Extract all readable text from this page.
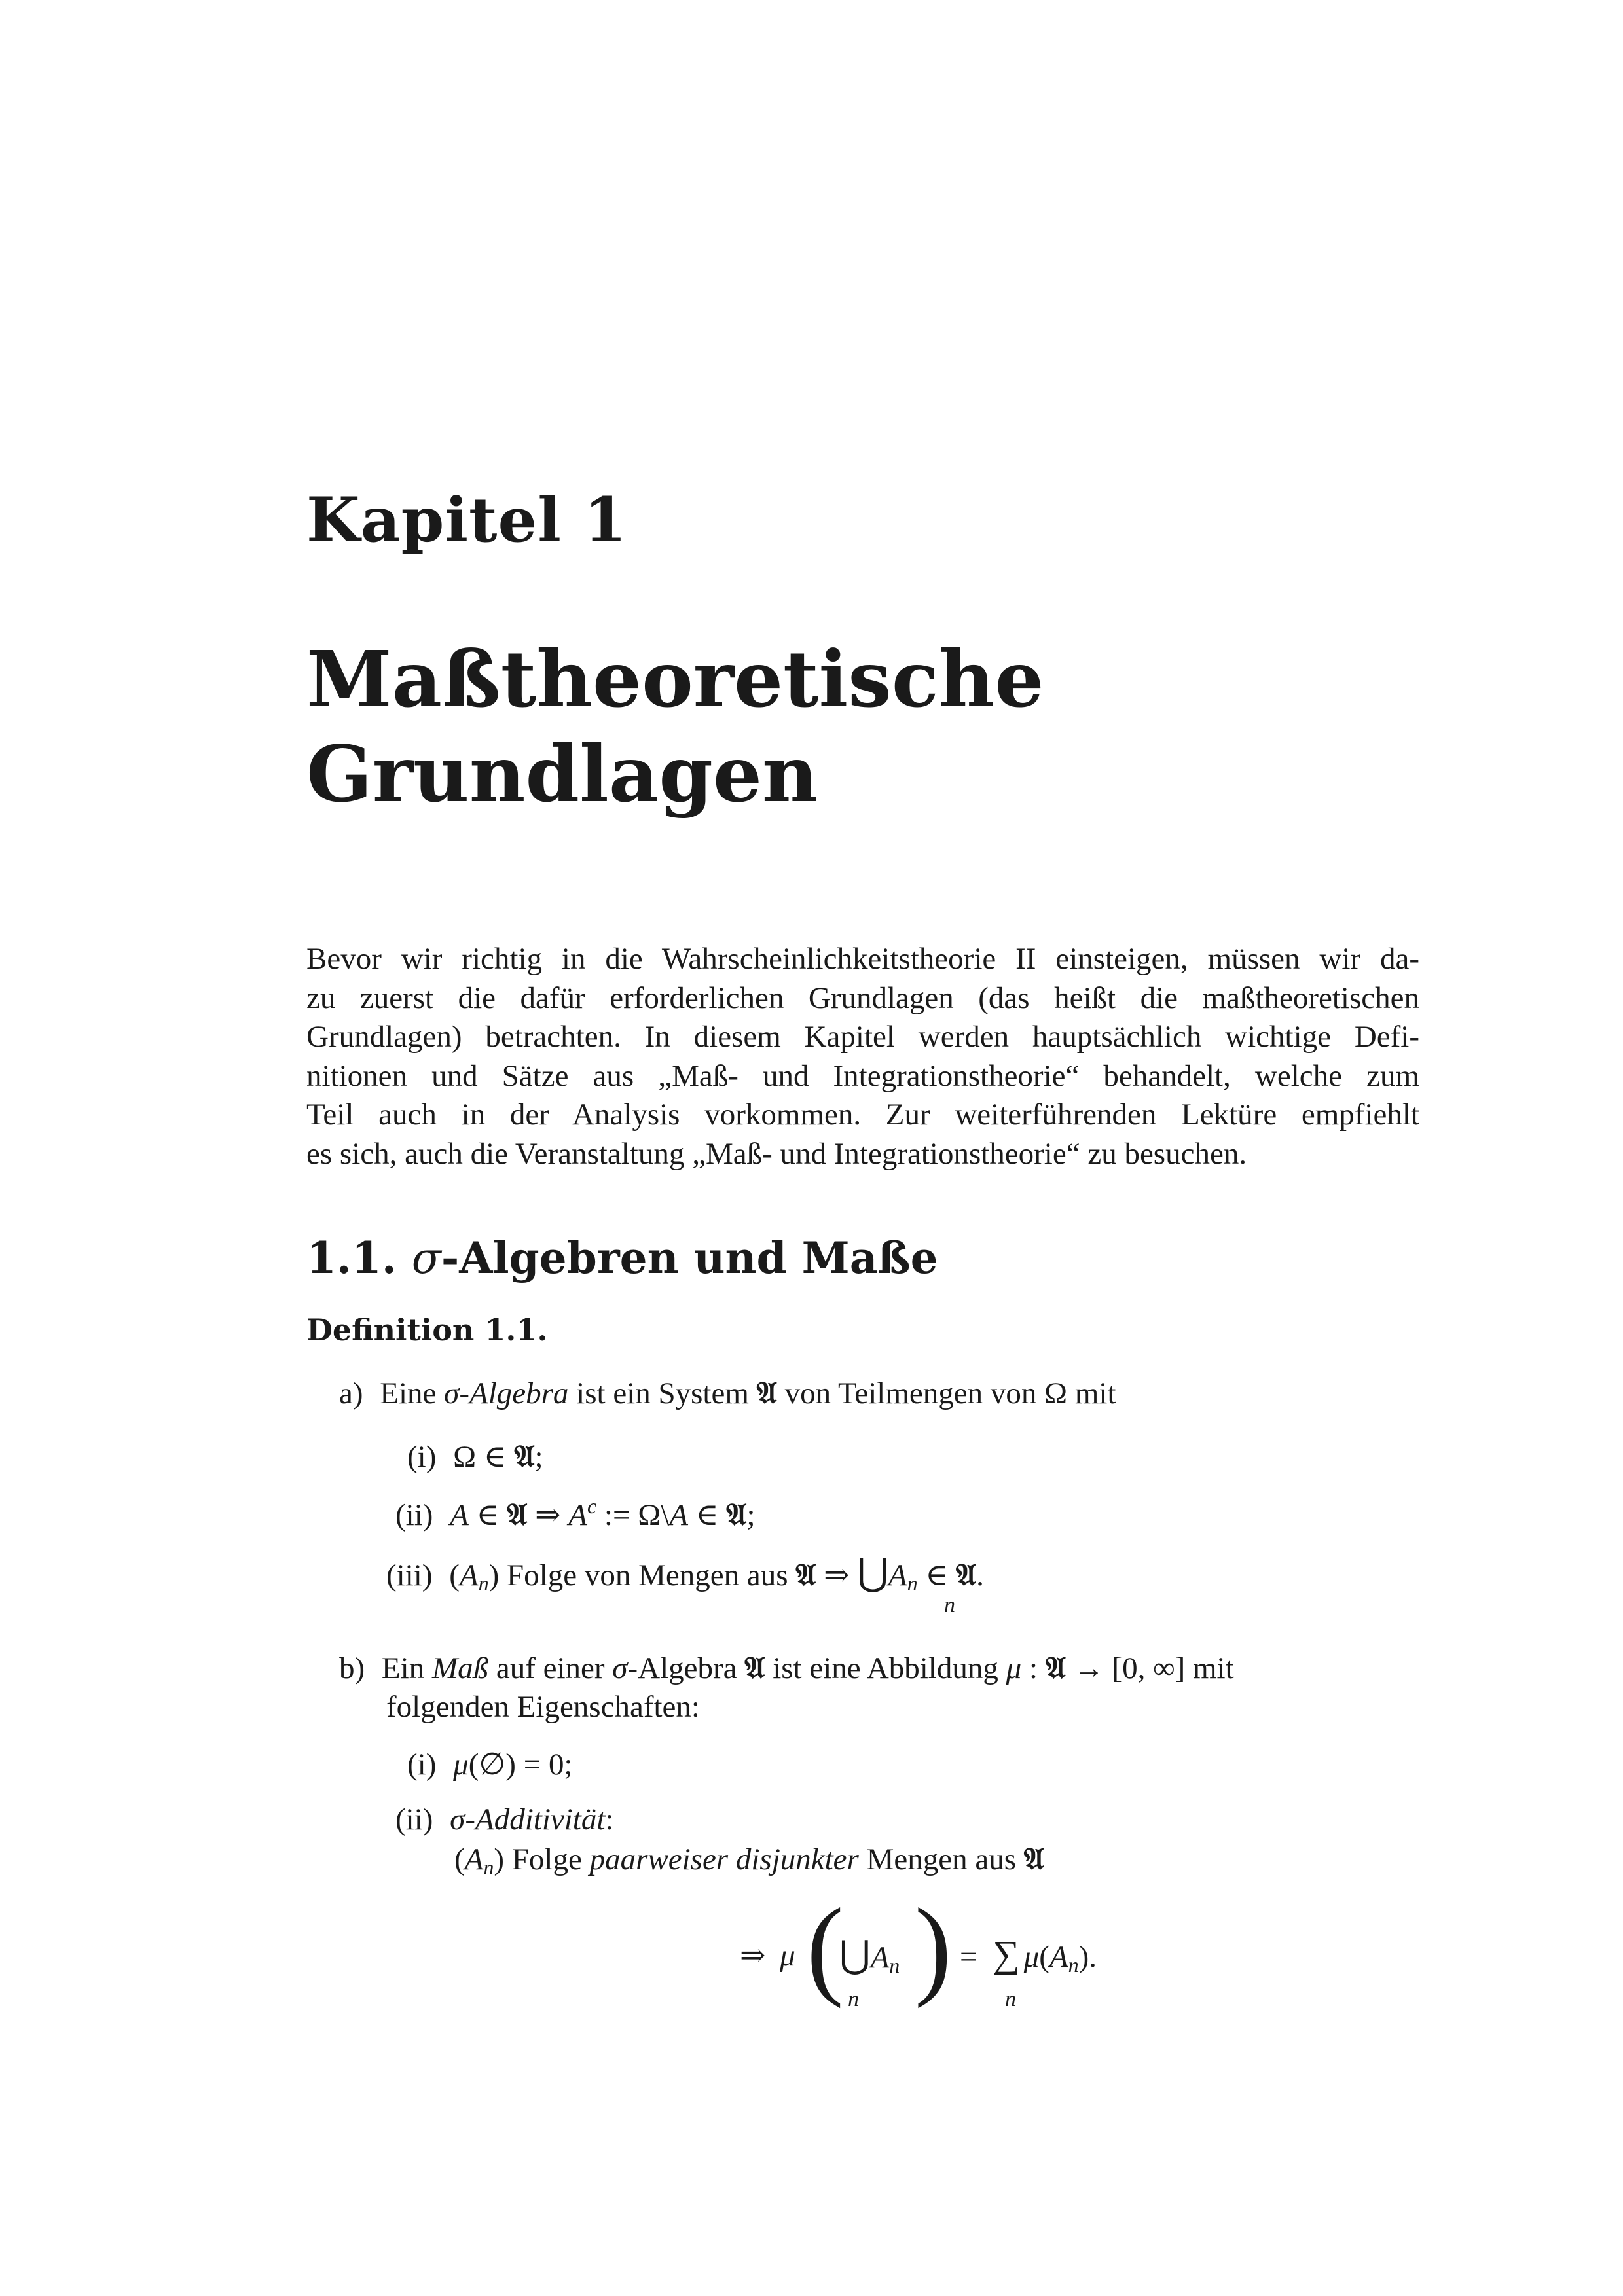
Kapitel 1
Maßtheoretische
Grundlagen
Bevor wir richtig in die Wahrscheinlichkeitstheorie II einsteigen, müssen wir da-
zu zuerst die dafür erforderlichen Grundlagen (das heißt die maßtheoretischen
Grundlagen) betrachten. In diesem Kapitel werden hauptsächlich wichtige Defi-
nitionen und Sätze aus „Maß- und Integrationstheorie“ behandelt, welche zum
Teil auch in der Analysis vorkommen. Zur weiterführenden Lektüre empfiehlt
es sich, auch die Veranstaltung „Maß- und Integrationstheorie“ zu besuchen.
1.1. σ-Algebren und Maße
Definition 1.1.
a) Eine σ-Algebra ist ein System 𝔄 von Teilmengen von Ω mit
(i) Ω ∈ 𝔄;
(ii) A ∈ 𝔄 ⇒ $A^c$ := Ω\A ∈ 𝔄;
(iii) $(A_n)$ Folge von Mengen aus 𝔄 ⇒ $⋃A_n$ ∈ 𝔄.
n
b) Ein Maß auf einer σ-Algebra 𝔄 ist eine Abbildung μ : 𝔄 → [0, ∞] mit
folgenden Eigenschaften:
(i) μ(∅) = 0;
(ii) σ-Additivität:
$(A_n)$ Folge paarweiser disjunkter Mengen aus 𝔄
⇒ μ (
$⋃A_n$ ) = ∑ $\mu(A_n)$.
n	n
